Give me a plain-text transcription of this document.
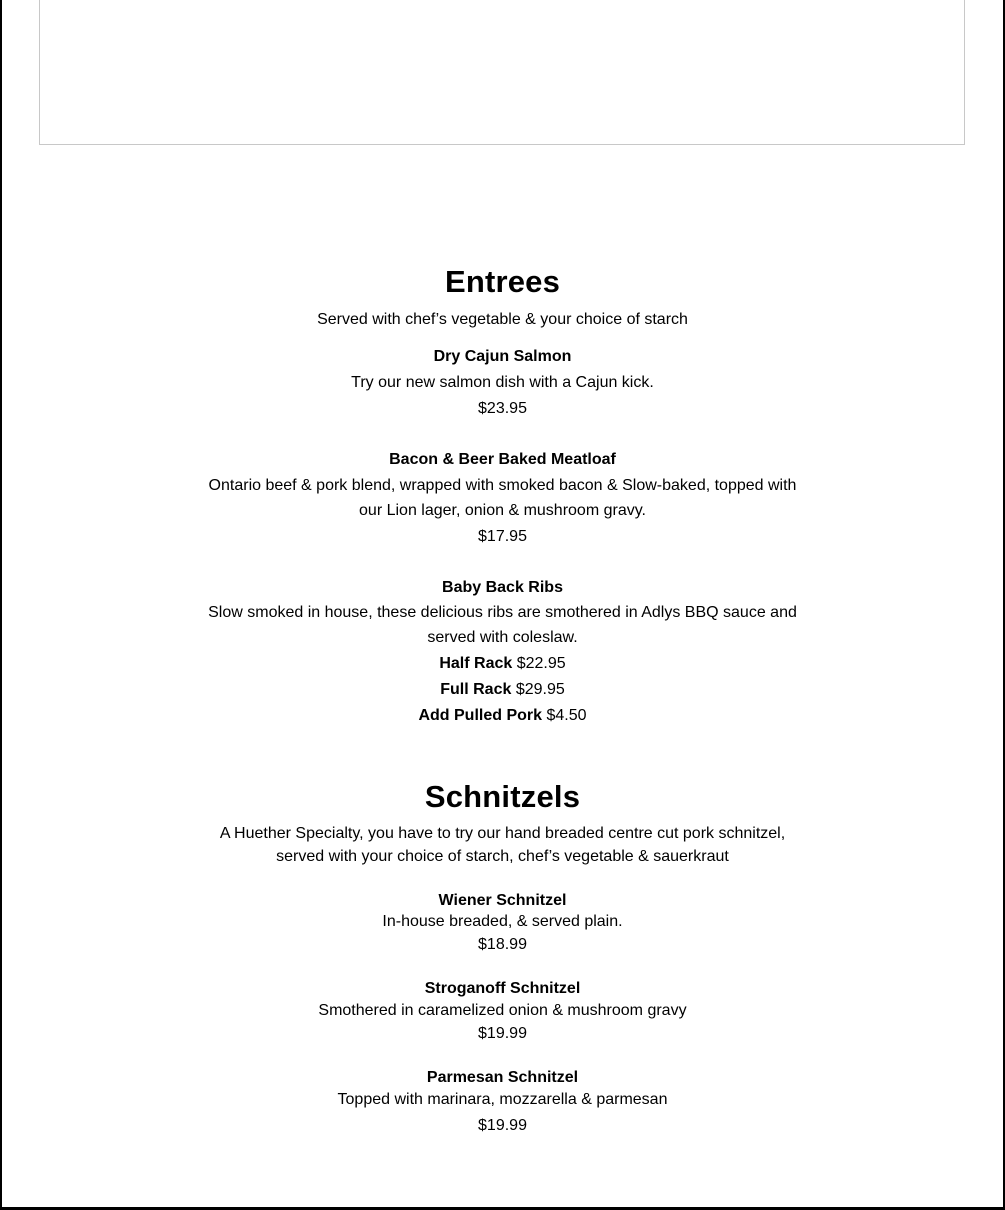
Entrees
Served with chef’s vegetable & your choice of starch
Dry Cajun Salmon
Try our new salmon dish with a Cajun kick.
$23.95
Bacon & Beer Baked Meatloaf
Ontario beef & pork blend, wrapped with smoked bacon & Slow-baked, topped with
our Lion lager, onion & mushroom gravy.
$17.95
Baby Back Ribs
Slow smoked in house, these delicious ribs are smothered in Adlys BBQ sauce and
served with coleslaw.
Half Rack $22.95
Full Rack $29.95
Add Pulled Pork $4.50
Schnitzels
A Huether Specialty, you have to try our hand breaded centre cut pork schnitzel,
served with your choice of starch, chef’s vegetable & sauerkraut
Wiener Schnitzel
In-house breaded, & served plain.
$18.99
Stroganoff Schnitzel
Smothered in caramelized onion & mushroom gravy
$19.99
Parmesan Schnitzel
Topped with marinara, mozzarella & parmesan
$19.99
